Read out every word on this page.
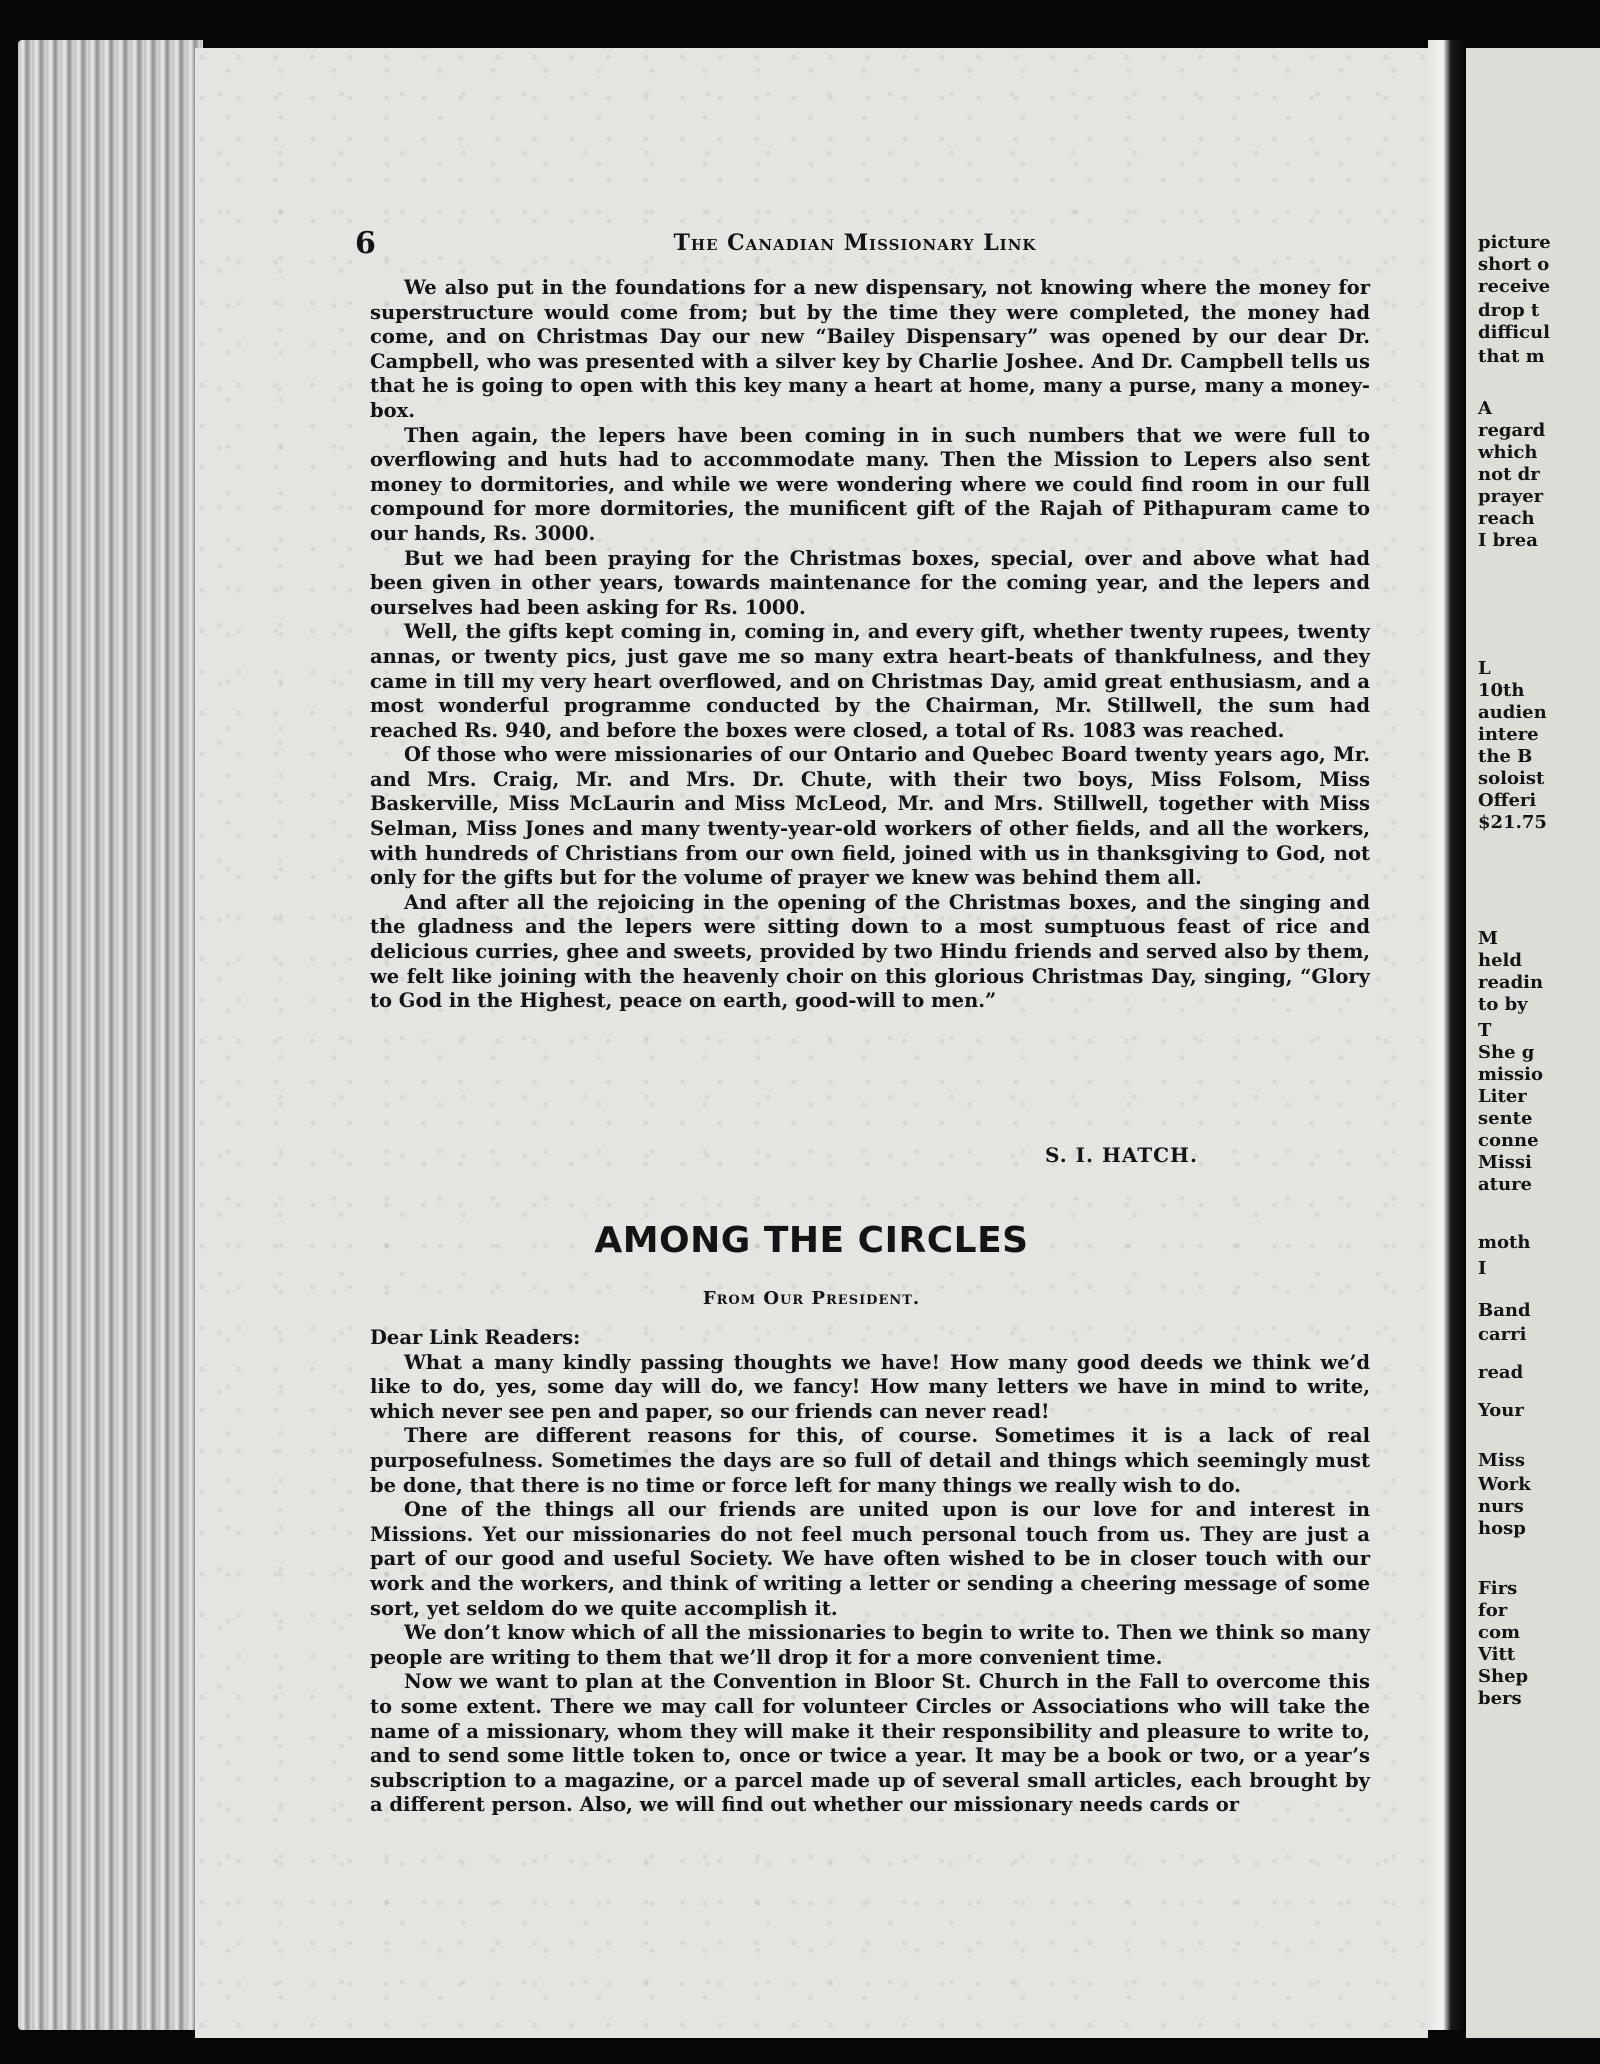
6	The Canadian Missionary Link

We also put in the foundations for a new dispensary, not knowing where the money for superstructure would come from; but by the time they were completed, the money had come, and on Christmas Day our new “Bailey Dispensary” was opened by our dear Dr. Campbell, who was presented with a silver key by Charlie Joshee. And Dr. Campbell tells us that he is going to open with this key many a heart at home, many a purse, many a money-box.

Then again, the lepers have been coming in in such numbers that we were full to overflowing and huts had to accommodate many. Then the Mission to Lepers also sent money to dormitories, and while we were wondering where we could find room in our full compound for more dormitories, the munificent gift of the Rajah of Pithapuram came to our hands, Rs. 3000.

But we had been praying for the Christmas boxes, special, over and above what had been given in other years, towards maintenance for the coming year, and the lepers and ourselves had been asking for Rs. 1000.

Well, the gifts kept coming in, coming in, and every gift, whether twenty rupees, twenty annas, or twenty pics, just gave me so many extra heart-beats of thankfulness, and they came in till my very heart overflowed, and on Christmas Day, amid great enthusiasm, and a most wonderful programme conducted by the Chairman, Mr. Stillwell, the sum had reached Rs. 940, and before the boxes were closed, a total of Rs. 1083 was reached.

Of those who were missionaries of our Ontario and Quebec Board twenty years ago, Mr. and Mrs. Craig, Mr. and Mrs. Dr. Chute, with their two boys, Miss Folsom, Miss Baskerville, Miss McLaurin and Miss McLeod, Mr. and Mrs. Stillwell, together with Miss Selman, Miss Jones and many twenty-year-old workers of other fields, and all the workers, with hundreds of Christians from our own field, joined with us in thanksgiving to God, not only for the gifts but for the volume of prayer we knew was behind them all.

And after all the rejoicing in the opening of the Christmas boxes, and the singing and the gladness and the lepers were sitting down to a most sumptuous feast of rice and delicious curries, ghee and sweets, provided by two Hindu friends and served also by them, we felt like joining with the heavenly choir on this glorious Christmas Day, singing, “Glory to God in the Highest, peace on earth, good-will to men.”

S. I. HATCH.
AMONG THE CIRCLES
From Our President.

Dear Link Readers:

What a many kindly passing thoughts we have! How many good deeds we think we’d like to do, yes, some day will do, we fancy! How many letters we have in mind to write, which never see pen and paper, so our friends can never read!

There are different reasons for this, of course. Sometimes it is a lack of real purposefulness. Sometimes the days are so full of detail and things which seemingly must be done, that there is no time or force left for many things we really wish to do.

One of the things all our friends are united upon is our love for and interest in Missions. Yet our missionaries do not feel much personal touch from us. They are just a part of our good and useful Society. We have often wished to be in closer touch with our work and the workers, and think of writing a letter or sending a cheering message of some sort, yet seldom do we quite accomplish it.

We don’t know which of all the missionaries to begin to write to. Then we think so many people are writing to them that we’ll drop it for a more convenient time.

Now we want to plan at the Convention in Bloor St. Church in the Fall to overcome this to some extent. There we may call for volunteer Circles or Associations who will take the name of a missionary, whom they will make it their responsibility and pleasure to write to, and to send some little token to, once or twice a year. It may be a book or two, or a year’s subscription to a magazine, or a parcel made up of several small articles, each brought by a different person. Also, we will find out whether our missionary needs cards or

picture
short o
receive
drop t
difficul
that m
A
regard
which
not dr
prayer
reach
I brea
L
10th
audien
intere
the B
soloist
Offeri
$21.75
M
held
readin
to by
T
She g
missio
Liter
sente
conne
Missi
ature
moth
I
Band
carri
read
Your
Miss
Work
nurs
hosp
Firs
for
com
Vitt
Shep
bers
